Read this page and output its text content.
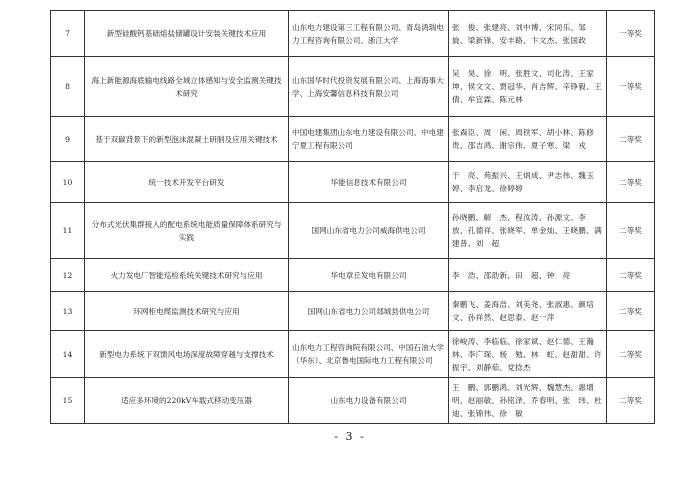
7	新型硅酸钙基础熔盐储罐设计安装关键技术应用	山东电力建设第三工程有限公司、青岛鸿瑞电力工程咨询有限公司、浙江大学	张　俊、张建亮、刘中博、宋同乐、邹　旋、梁新锋、安丰路、卞文杰、张国政	一等奖
8	海上新能源海底输电线路全域立体感知与安全监测关键技术研究	山东国华时代投资发展有限公司、上海海事大学、上海安馨信息科技有限公司	吴　昊、徐　明、张胜文、司化涛、王家坤、侯文文、贾冠华、肖吉辉、辛铮毅、王　倩、牟宜霖、陈元林	一等奖
9	基于双碳背景下的新型泡沫混凝土研制及应用关键技术	中国电建集团山东电力建设有限公司、中电建宁夏工程有限公司	张森臣、周　闲、周铁军、胡小林、陈修贵、邵吉鸿、谢宗伟、夏子寒、梁　戎	二等奖
10	统一技术开发平台研发	华能信息技术有限公司	于　亮、苑振兴、王炳成、尹志伟、魏玉婷、李启龙、徐婷婷	二等奖
11	分布式光伏集群接入的配电系统电能质量保障体系研究与实践	国网山东省电力公司威海供电公司	孙晓鹏、解　杰、程汝涛、孙源文、李　放、孔德祥、张晓军、单金灿、王晓鹏、满建普、刘　超	二等奖
12	火力发电厂智能巡检系统关键技术研究与应用	华电章丘发电有限公司	李　浩、邵劭新、田　超、钟　亮	二等奖
13	环网柜电缆监测技术研究与应用	国网山东省电力公司郯城县供电公司	秦鹏飞、姜海浩、刘美尧、张淑惠、颜培文、孙祥然、赵思泰、赵一萍	二等奖
14	新型电力系统下双馈风电场深度故障穿越与支撑技术	山东电力工程咨询院有限公司、中国石油大学（华东）、北京鲁电国际电力工程有限公司	徐峻涛、李临临、徐家斌、赵仁德、王瀚林、李广琛、杨　勉、林　虹、赵甜甜、许振宇、刘静茹、党捻杰	二等奖
15	适应多环境的220kV车载式移动变压器	山东电力设备有限公司	王　鹏、郭鹏鸿、刘光辉、魏慧杰、惠增明、赵丽敏、孙铭泽、乔春明、张　玮、杜　迪、张锦伟、徐　敏	二等奖
- 3 -
